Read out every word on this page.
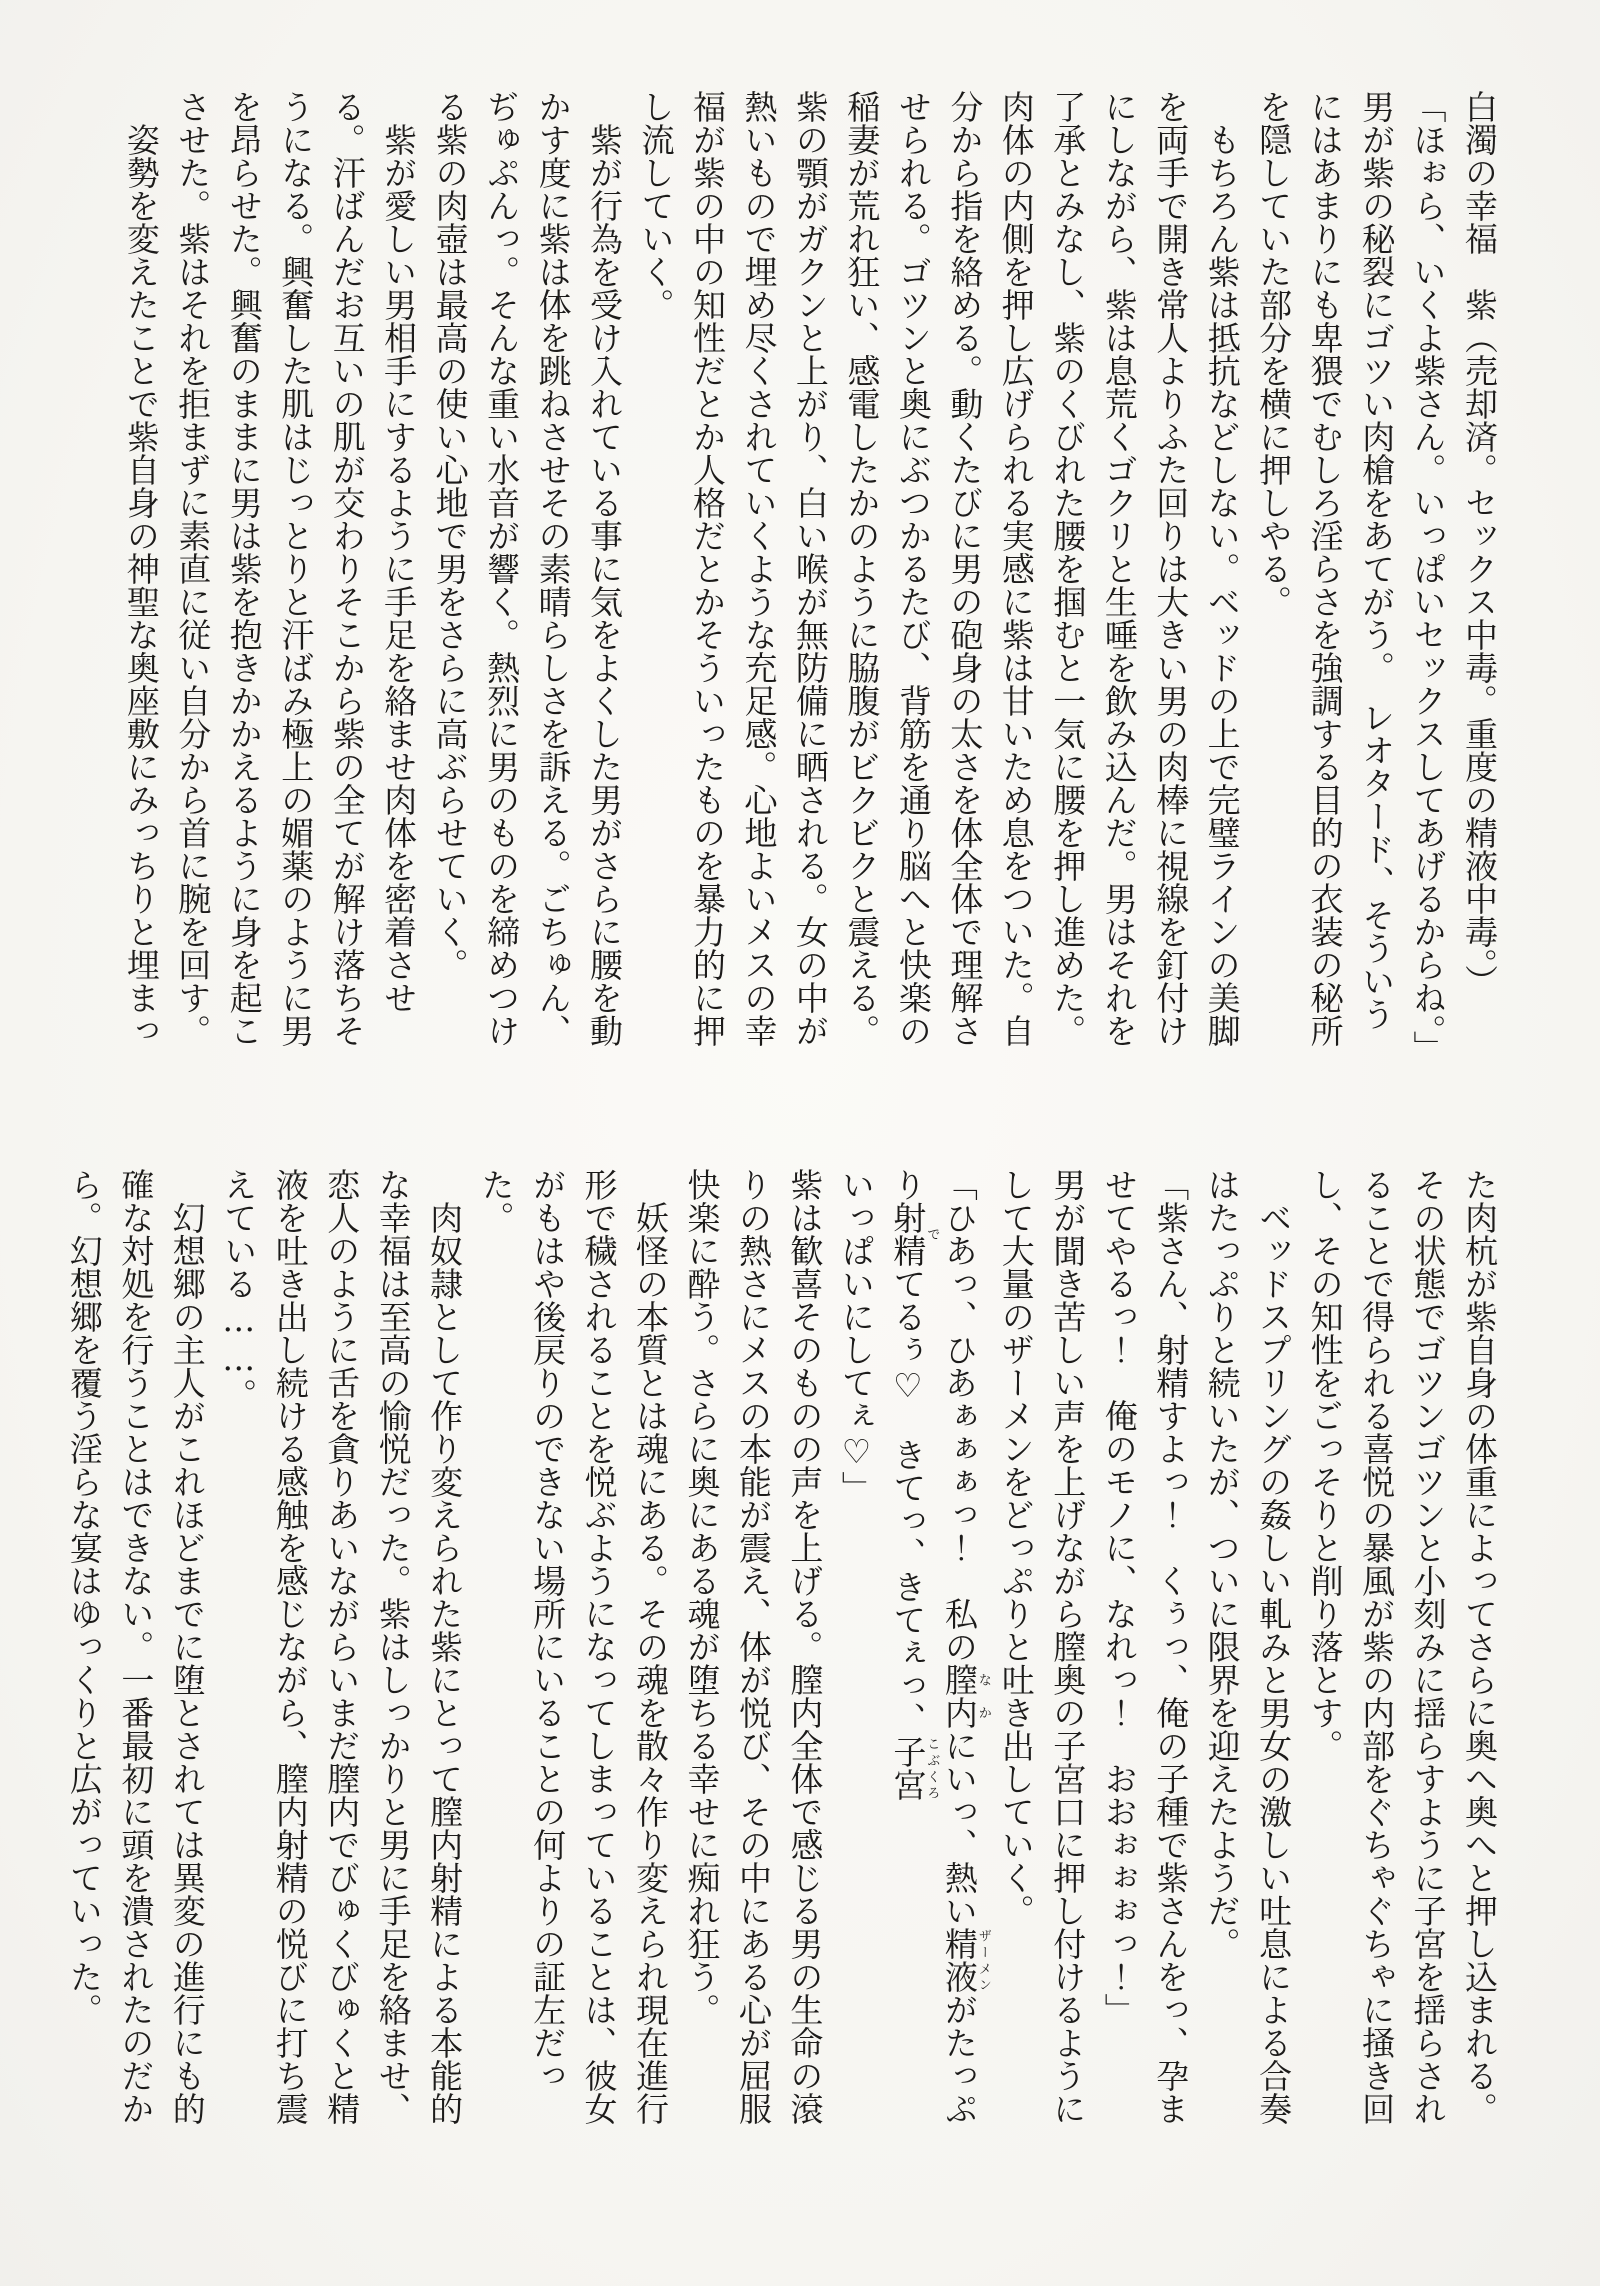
白濁の幸福　紫（売却済。セックス中毒。重度の精液中毒。）

「ほぉら、いくよ紫さん。いっぱいセックスしてあげるからね。」

男が紫の秘裂にゴツい肉槍をあてがう。　レオタード、そういうにはあまりにも卑猥でむしろ淫らさを強調する目的の衣装の秘所を隠していた部分を横に押しやる。

　もちろん紫は抵抗などしない。ベッドの上で完璧ラインの美脚を両手で開き常人よりふた回りは大きい男の肉棒に視線を釘付けにしながら、紫は息荒くゴクリと生唾を飲み込んだ。男はそれを了承とみなし、紫のくびれた腰を掴むと一気に腰を押し進めた。肉体の内側を押し広げられる実感に紫は甘いため息をついた。自分から指を絡める。動くたびに男の砲身の太さを体全体で理解させられる。ゴツンと奥にぶつかるたび、背筋を通り脳へと快楽の稲妻が荒れ狂い、感電したかのように脇腹がビクビクと震える。紫の顎がガクンと上がり、白い喉が無防備に晒される。女の中が熱いもので埋め尽くされていくような充足感。心地よいメスの幸福が紫の中の知性だとか人格だとかそういったものを暴力的に押し流していく。

　紫が行為を受け入れている事に気をよくした男がさらに腰を動かす度に紫は体を跳ねさせその素晴らしさを訴える。ごちゅん、ぢゅぷんっ。そんな重い水音が響く。熱烈に男のものを締めつける紫の肉壺は最高の使い心地で男をさらに高ぶらせていく。

　紫が愛しい男相手にするように手足を絡ませ肉体を密着させる。汗ばんだお互いの肌が交わりそこから紫の全てが解け落ちそうになる。興奮した肌はじっとりと汗ばみ極上の媚薬のように男を昂らせた。興奮のままに男は紫を抱きかかえるように身を起こさせた。紫はそれを拒まずに素直に従い自分から首に腕を回す。

　姿勢を変えたことで紫自身の神聖な奥座敷にみっちりと埋まっ

た肉杭が紫自身の体重によってさらに奥へ奥へと押し込まれる。その状態でゴツンゴツンと小刻みに揺らすように子宮を揺らされることで得られる喜悦の暴風が紫の内部をぐちゃぐちゃに掻き回し、その知性をごっそりと削り落とす。

　ベッドスプリングの姦しい軋みと男女の激しい吐息による合奏はたっぷりと続いたが、ついに限界を迎えたようだ。

「紫さん、射精すよっ！　くぅっ、俺の子種で紫さんをっ、孕ませてやるっ！　俺のモノに、なれっ！　おおぉぉぉっ！」

男が聞き苦しい声を上げながら膣奥の子宮口に押し付けるようにして大量のザーメンをどっぷりと吐き出していく。

「ひあっ、ひあぁぁぁっ！　私の膣内なかにいっ、熱い精液ザーメンがたっぷり射精でてるぅ♡　きてっ、きてぇっ、子宮こぶくろいっぱいにしてぇ♡」

紫は歓喜そのものの声を上げる。膣内全体で感じる男の生命の滾りの熱さにメスの本能が震え、体が悦び、その中にある心が屈服快楽に酔う。さらに奥にある魂が堕ちる幸せに痴れ狂う。

　妖怪の本質とは魂にある。その魂を散々作り変えられ現在進行形で穢されることを悦ぶようになってしまっていることは、彼女がもはや後戻りのできない場所にいることの何よりの証左だった。

　肉奴隷として作り変えられた紫にとって膣内射精による本能的な幸福は至高の愉悦だった。紫はしっかりと男に手足を絡ませ、恋人のように舌を貪りあいながらいまだ膣内でびゅくびゅくと精液を吐き出し続ける感触を感じながら、膣内射精の悦びに打ち震えている……。

　幻想郷の主人がこれほどまでに堕とされては異変の進行にも的確な対処を行うことはできない。一番最初に頭を潰されたのだから。幻想郷を覆う淫らな宴はゆっくりと広がっていった。
